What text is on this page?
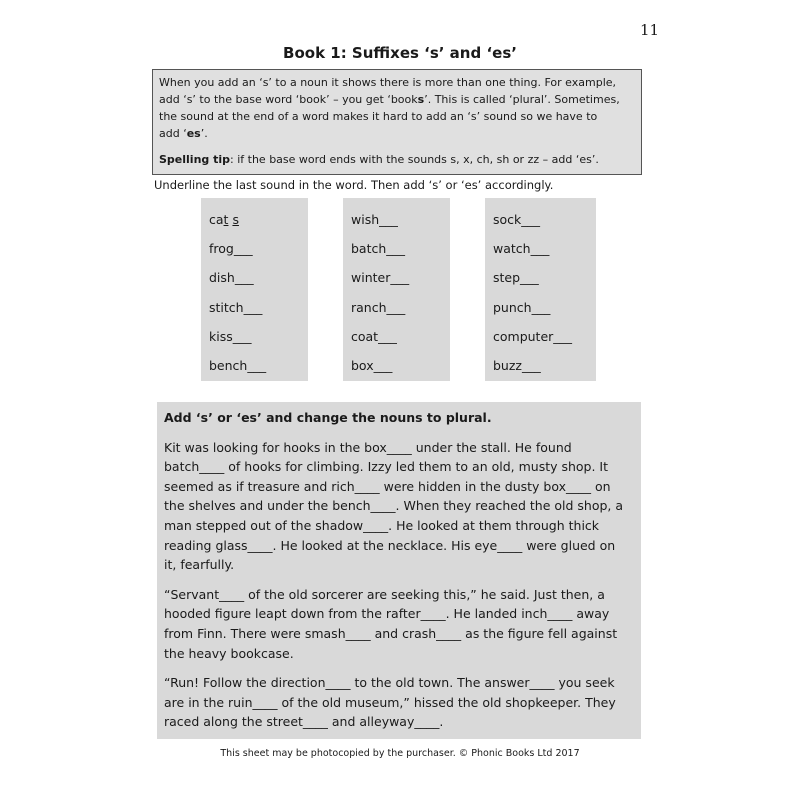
11
Book 1: Suffixes ‘s’ and ‘es’

When you add an ‘s’ to a noun it shows there is more than one thing. For example,
add ‘s’ to the base word ‘book’ – you get ‘books’. This is called ‘plural’. Sometimes,
the sound at the end of a word makes it hard to add an ‘s’ sound so we have to
add ‘es’.

Spelling tip: if the base word ends with the sounds s, x, ch, sh or zz – add ‘es’.

Underline the last sound in the word. Then add ‘s’ or ‘es’ accordingly.
cat s
frog___
dish___
stitch___
kiss___
bench___
wish___
batch___
winter___
ranch___
coat___
box___
sock___
watch___
step___
punch___
computer___
buzz___
Add ‘s’ or ‘es’ and change the nouns to plural.

Kit was looking for hooks in the box____ under the stall. He found
batch____ of hooks for climbing. Izzy led them to an old, musty shop. It
seemed as if treasure and rich____ were hidden in the dusty box____ on
the shelves and under the bench____. When they reached the old shop, a
man stepped out of the shadow____. He looked at them through thick
reading glass____. He looked at the necklace. His eye____ were glued on
it, fearfully.

“Servant____ of the old sorcerer are seeking this,” he said. Just then, a
hooded figure leapt down from the rafter____. He landed inch____ away
from Finn. There were smash____ and crash____ as the figure fell against
the heavy bookcase.

“Run! Follow the direction____ to the old town. The answer____ you seek
are in the ruin____ of the old museum,” hissed the old shopkeeper. They
raced along the street____ and alleyway____.

This sheet may be photocopied by the purchaser. © Phonic Books Ltd 2017
